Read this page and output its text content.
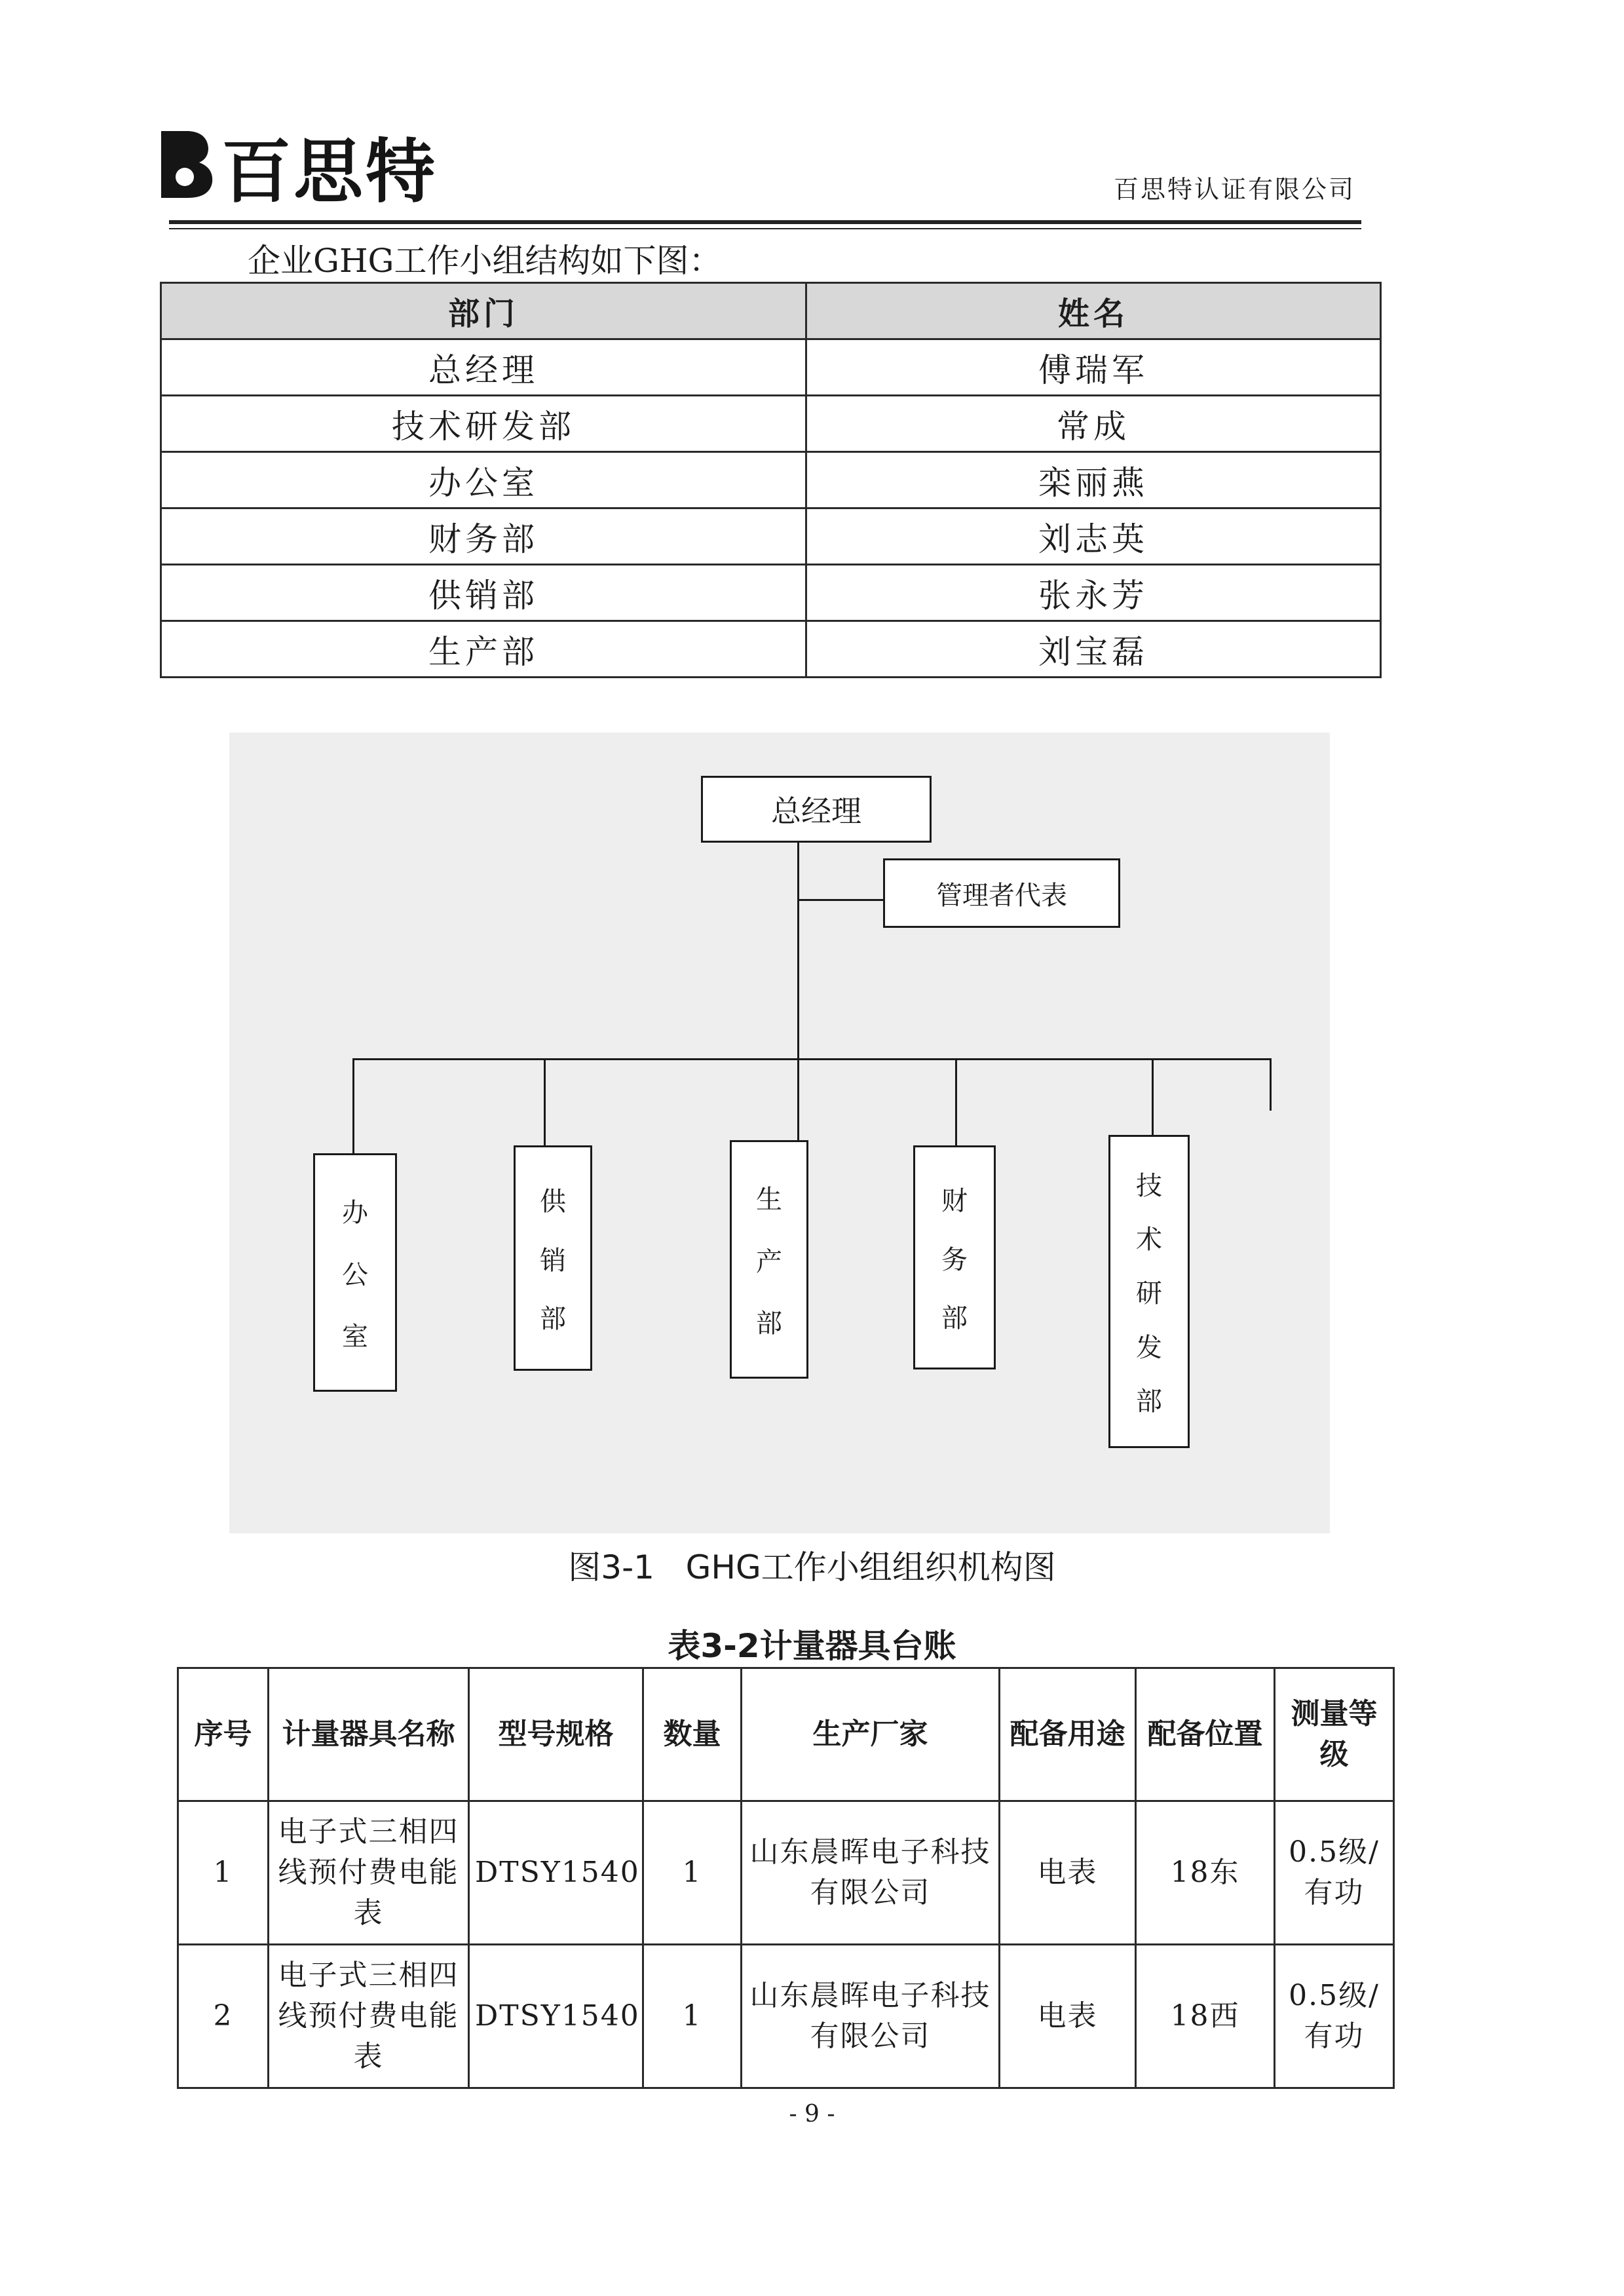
百思特	百思特认证有限公司
企业GHG工作小组结构如下图：
部门	姓名
总经理	傅瑞军
技术研发部	常成
办公室	栾丽燕
财务部	刘志英
供销部	张永芳
生产部	刘宝磊
总经理
管理者代表
办
公
室
供
销
部
生
产
部
财
务
部
技
术
研
发
部
图3-1   GHG工作小组组织机构图
表3-2计量器具台账
序号	计量器具名称	型号规格	数量	生产厂家	配备用途	配备位置	测量等级
1	电子式三相四线预付费电能表	DTSY1540	1	山东晨晖电子科技有限公司	电表	18东	0.5级/有功
2	电子式三相四线预付费电能表	DTSY1540	1	山东晨晖电子科技有限公司	电表	18西	0.5级/有功
- 9 -
